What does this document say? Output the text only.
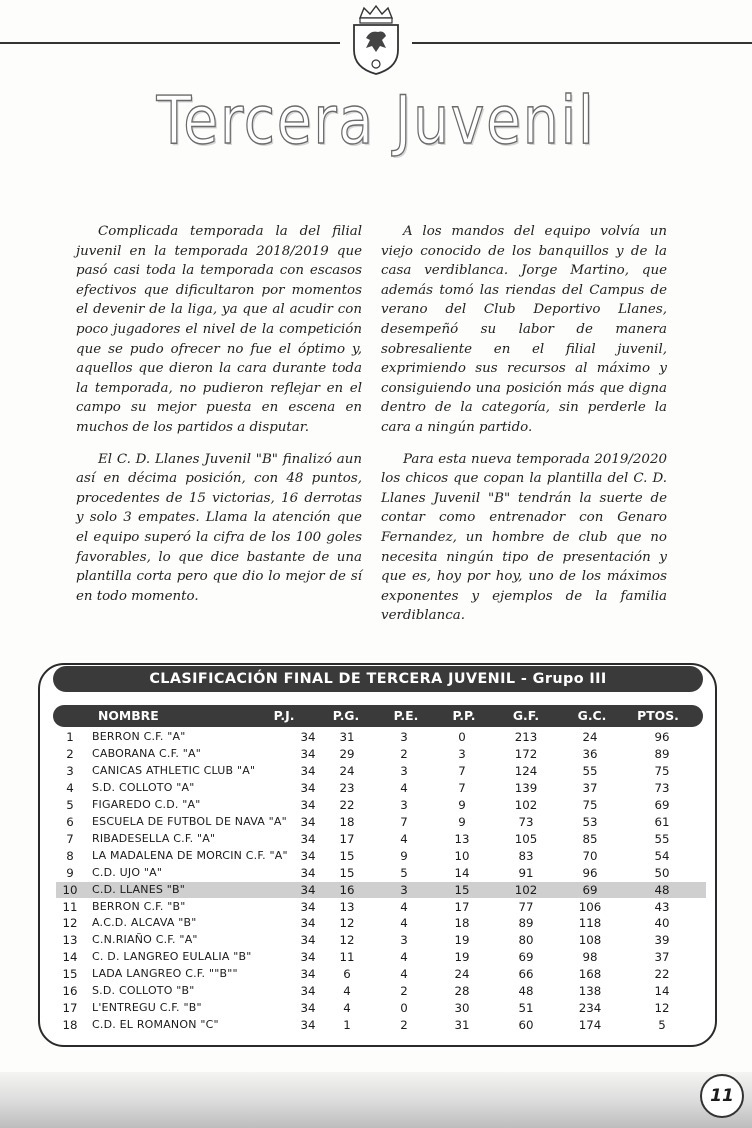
Tercera Juvenil

Complicada temporada la del filial juvenil en la temporada 2018/2019 que pasó casi toda la temporada con escasos efectivos que dificultaron por momentos el devenir de la liga, ya que al acudir con poco jugadores el nivel de la competición que se pudo ofrecer no fue el óptimo y, aquellos que dieron la cara durante toda la temporada, no pudieron reflejar en el campo su mejor puesta en escena en muchos de los partidos a disputar.

El C. D. Llanes Juvenil "B" finalizó aun así en décima posición, con 48 puntos, procedentes de 15 victorias, 16 derrotas y solo 3 empates. Llama la atención que el equipo superó la cifra de los 100 goles favorables, lo que dice bastante de una plantilla corta pero que dio lo mejor de sí en todo momento.

A los mandos del equipo volvía un viejo conocido de los banquillos y de la casa verdiblanca. Jorge Martino, que además tomó las riendas del Campus de verano del Club Deportivo Llanes, desempeñó su labor de manera sobresaliente en el filial juvenil, exprimiendo sus recursos al máximo y consiguiendo una posición más que digna dentro de la categoría, sin perderle la cara a ningún partido.

Para esta nueva temporada 2019/2020 los chicos que copan la plantilla del C. D. Llanes Juvenil "B" tendrán la suerte de contar como entrenador con Genaro Fernandez, un hombre de club que no necesita ningún tipo de presentación y que es, hoy por hoy, uno de los máximos exponentes y ejemplos de la familia verdiblanca.

CLASIFICACIÓN FINAL DE TERCERA JUVENIL - Grupo III
NOMBRE	P.J.	P.G.	P.E.	P.P.	G.F.	G.C.	PTOS.
1	BERRON C.F. "A"	34	31	3	0	213	24	96
2	CABORANA C.F. "A"	34	29	2	3	172	36	89
3	CANICAS ATHLETIC CLUB "A"	34	24	3	7	124	55	75
4	S.D. COLLOTO "A"	34	23	4	7	139	37	73
5	FIGAREDO C.D. "A"	34	22	3	9	102	75	69
6	ESCUELA DE FUTBOL DE NAVA "A"	34	18	7	9	73	53	61
7	RIBADESELLA C.F. "A"	34	17	4	13	105	85	55
8	LA MADALENA DE MORCIN C.F. "A"	34	15	9	10	83	70	54
9	C.D. UJO "A"	34	15	5	14	91	96	50
10	C.D. LLANES "B"	34	16	3	15	102	69	48
11	BERRON C.F. "B"	34	13	4	17	77	106	43
12	A.C.D. ALCAVA "B"	34	12	4	18	89	118	40
13	C.N.RIAÑO C.F. "A"	34	12	3	19	80	108	39
14	C. D. LANGREO EULALIA "B"	34	11	4	19	69	98	37
15	LADA LANGREO C.F. ""B""	34	6	4	24	66	168	22
16	S.D. COLLOTO "B"	34	4	2	28	48	138	14
17	L'ENTREGU C.F. "B"	34	4	0	30	51	234	12
18	C.D. EL ROMANON "C"	34	1	2	31	60	174	5
11
